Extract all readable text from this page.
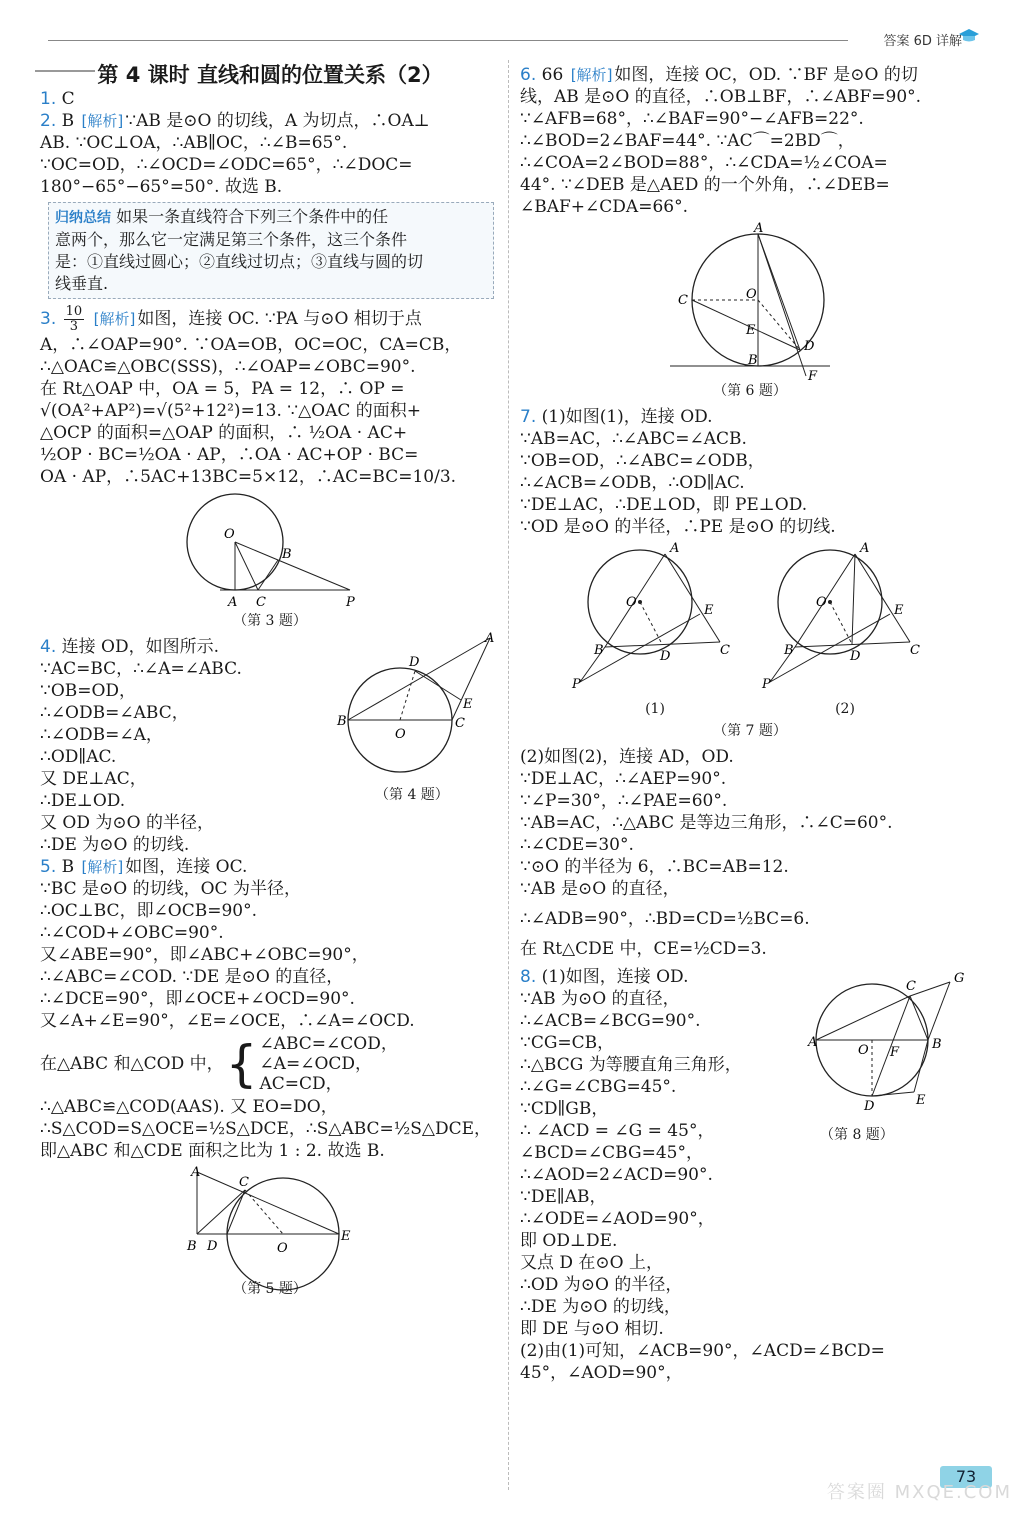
答案 6D 详解
第 4 课时 直线和圆的位置关系（2）

1. C

2. B [ 解析 ] ∵AB 是⊙O 的切线，A 为切点，∴OA⊥

AB. ∵OC⊥OA，∴AB∥OC，∴∠B=65°.

∵OC=OD，∴∠OCD=∠ODC=65°，∴∠DOC=

180°−65°−65°=50°. 故选 B.

归纳总结 如果一条直线符合下列三个条件中的任

意两个，那么它一定满足第三个条件，这三个条件

是：①直线过圆心；②直线过切点；③直线与圆的切

线垂直.

3. $\frac{10}{3}$ [ 解析 ] 如图，连接 OC. ∵PA 与⊙O 相切于点

A，∴∠OAP=90°. ∵OA=OB，OC=OC，CA=CB，

∴△OAC≌△OBC(SSS)，∴∠OAP=∠OBC=90°.

在 Rt△OAP 中，OA = 5，PA = 12，∴ OP =

√(OA²+AP²)=√(5²+12²)=13. ∵△OAC 的面积+

△OCP 的面积=△OAP 的面积，∴ ½OA · AC+

½OP · BC=½OA · AP，∴OA · AC+OP · BC=

OA · AP，∴5AC+13BC=5×12，∴AC=BC=10/3.

O
B
A C	P

（第 3 题）

4. 连接 OD，如图所示.

∵AC=BC，∴∠A=∠ABC.

∵OB=OD，

∴∠ODB=∠ABC，

∴∠ODB=∠A，

∴OD∥AC.

又 DE⊥AC，

∴DE⊥OD.

又 OD 为⊙O 的半径，

∴DE 为⊙O 的切线.

A
D
E
B
O
C

（第 4 题）

5. B [ 解析 ] 如图，连接 OC.

∵BC 是⊙O 的切线，OC 为半径，

∴OC⊥BC，即∠OCB=90°.

∴∠COD+∠OBC=90°.

又∠ABE=90°，即∠ABC+∠OBC=90°，

∴∠ABC=∠COD. ∵DE 是⊙O 的直径，

∴∠DCE=90°，即∠OCE+∠OCD=90°.

又∠A+∠E=90°，∠E=∠OCE，∴∠A=∠OCD.

在△ABC 和△COD 中， { ∠ABC=∠COD，
∠A=∠OCD，
AC=CD，

∴△ABC≌△COD(AAS). 又 EO=DO，

∴S△COD=S△OCE=½S△DCE，∴S△ABC=½S△DCE，

即△ABC 和△CDE 面积之比为 1 : 2. 故选 B.

A
C
B D	O
E

（第 5 题）

6. 66 [ 解析 ] 如图，连接 OC，OD. ∵BF 是⊙O 的切

线，AB 是⊙O 的直径，∴OB⊥BF，∴∠ABF=90°.

∵∠AFB=68°，∴∠BAF=90°−∠AFB=22°.

∴∠BOD=2∠BAF=44°. ∵AC⌒=2BD⌒，

∴∠COA=2∠BOD=88°，∴∠CDA=½∠COA=

44°. ∵∠DEB 是△AED 的一个外角，∴∠DEB=

∠BAF+∠CDA=66°.

A
O
C
E
B
D
F

（第 6 题）

7. (1)如图(1)，连接 OD.

∵AB=AC，∴∠ABC=∠ACB.

∵OB=OD，∴∠ABC=∠ODB，

∴∠ACB=∠ODB，∴OD∥AC.

∵DE⊥AC，∴DE⊥OD，即 PE⊥OD.

∵OD 是⊙O 的半径，∴PE 是⊙O 的切线.

A
O
E
B	D	C
P
(1)
A
O
E
B	D	C
P
(2)

（第 7 题）

(2)如图(2)，连接 AD，OD.

∵DE⊥AC，∴∠AEP=90°.

∵∠P=30°，∴∠PAE=60°.

∵AB=AC，∴△ABC 是等边三角形，∴∠C=60°.

∴∠CDE=30°.

∵⊙O 的半径为 6，∴BC=AB=12.

∵AB 是⊙O 的直径，

∴∠ADB=90°，∴BD=CD=½BC=6.

在 Rt△CDE 中，CE=½CD=3.

8. (1)如图，连接 OD.

∵AB 为⊙O 的直径，

∴∠ACB=∠BCG=90°.

∵CG=CB，

∴△BCG 为等腰直角三角形，

∴∠G=∠CBG=45°.

∵CD∥GB，

∴ ∠ACD = ∠G = 45°，

∠BCD=∠CBG=45°，

∴∠AOD=2∠ACD=90°.

∵DE∥AB，

∴∠ODE=∠AOD=90°，

即 OD⊥DE.

又点 D 在⊙O 上，

∴OD 为⊙O 的半径，

∴DE 为⊙O 的切线，

即 DE 与⊙O 相切.

(2)由(1)可知，∠ACB=90°，∠ACD=∠BCD=

45°，∠AOD=90°，

C
G
A
O F
B
D	E

（第 8 题）

73
答案圈 MXQE.COM
